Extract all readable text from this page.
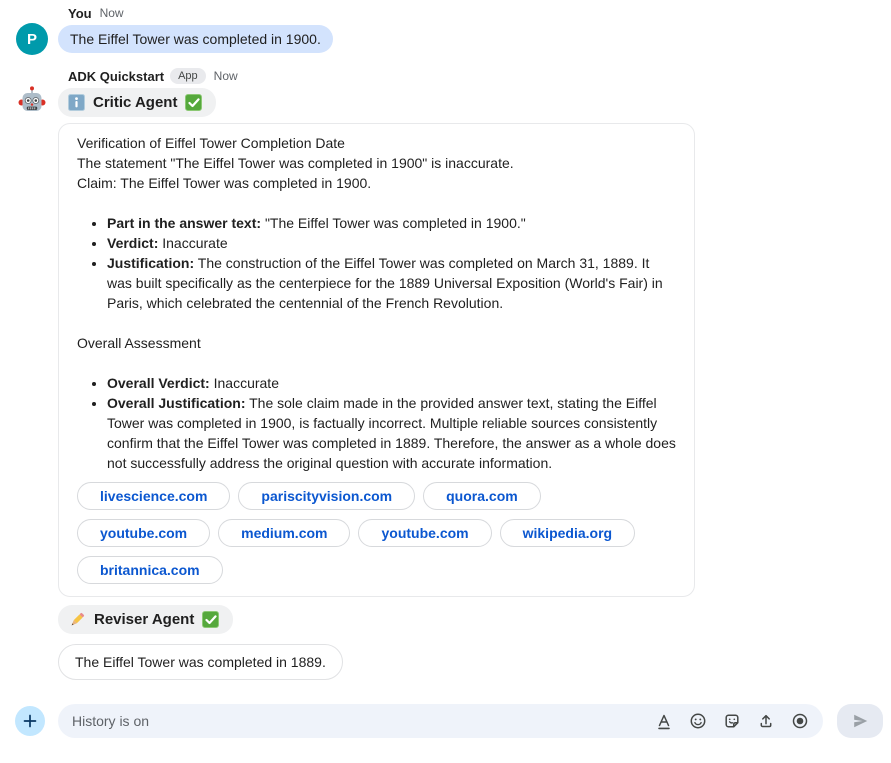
P
You Now
The Eiffel Tower was completed in 1900.
ADK Quickstart	App	Now
Critic Agent

Verification of Eiffel Tower Completion Date

The statement "The Eiffel Tower was completed in 1900" is inaccurate.

Claim: The Eiffel Tower was completed in 1900.

• Part in the answer text: "The Eiffel Tower was completed in 1900."
• Verdict: Inaccurate
• Justification: The construction of the Eiffel Tower was completed on March 31, 1889. It was built specifically as the centerpiece for the 1889 Universal Exposition (World's Fair) in Paris, which celebrated the centennial of the French Revolution.

Overall Assessment

• Overall Verdict: Inaccurate
• Overall Justification: The sole claim made in the provided answer text, stating the Eiffel Tower was completed in 1900, is factually incorrect. Multiple reliable sources consistently confirm that the Eiffel Tower was completed in 1889. Therefore, the answer as a whole does not successfully address the original question with accurate information.
livescience.com	pariscityvision.com	quora.com
youtube.com	medium.com	youtube.com	wikipedia.org
britannica.com
Reviser Agent

The Eiffel Tower was completed in 1889.
History is on
